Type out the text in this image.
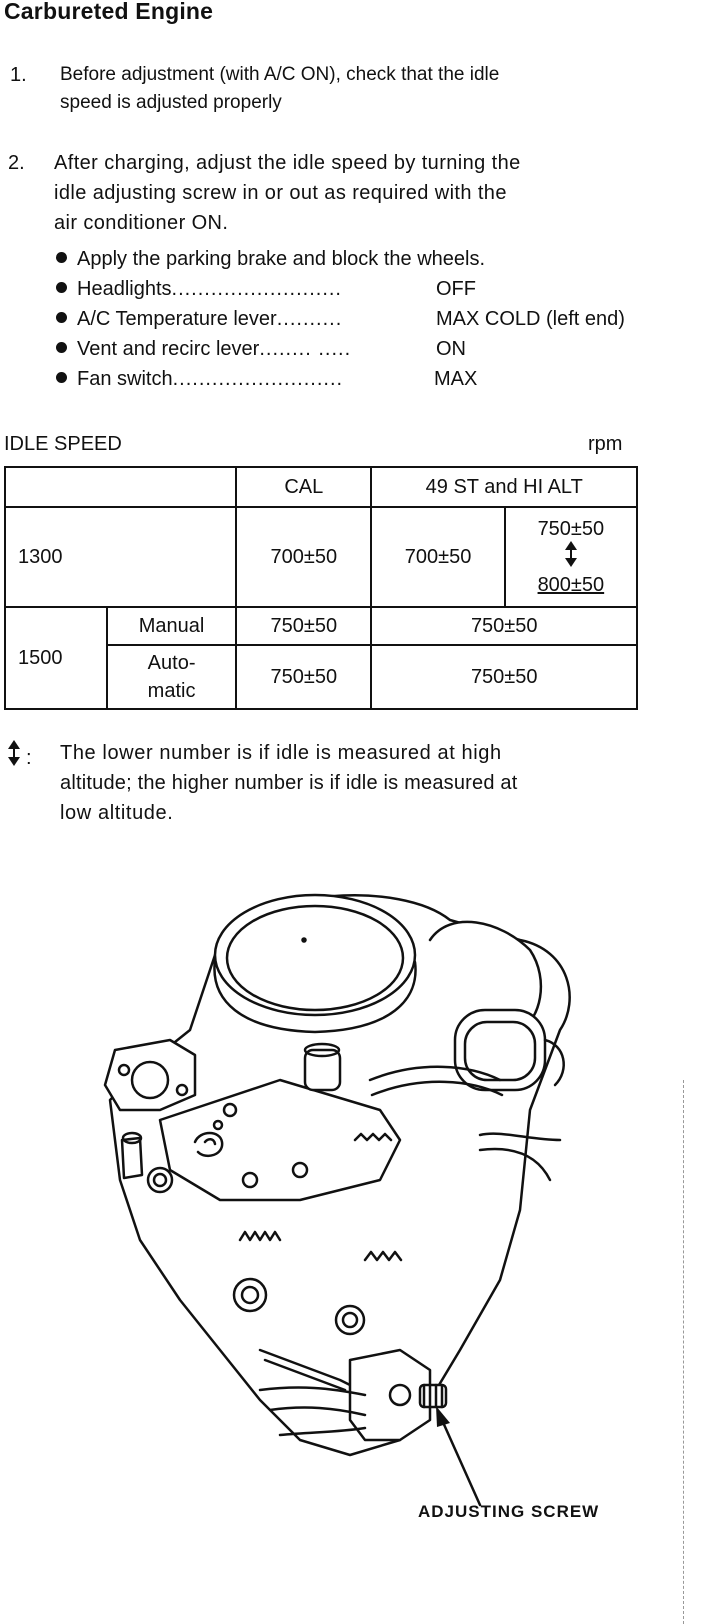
Carbureted Engine
1. Before adjustment (with A/C ON), check that the idle
speed is adjusted properly
2. After charging, adjust the idle speed by turning the
idle adjusting screw in or out as required with the
air conditioner ON.
Apply the parking brake and block the wheels.
Headlights..........................	OFF
A/C Temperature lever..........	MAX COLD (left end)
Vent and recirc lever........ .....	ON
Fan switch..........................	MAX
IDLE SPEED	rpm
		CAL	49 ST and HI ALT	
1300		700±50	700±50	750±50
800±50

1500	Manual	750±50	750±50	

	Auto-
matic	750±50	750±50	
: The lower number is if idle is measured at high
altitude; the higher number is if idle is measured at
low altitude.
ADJUSTING SCREW
